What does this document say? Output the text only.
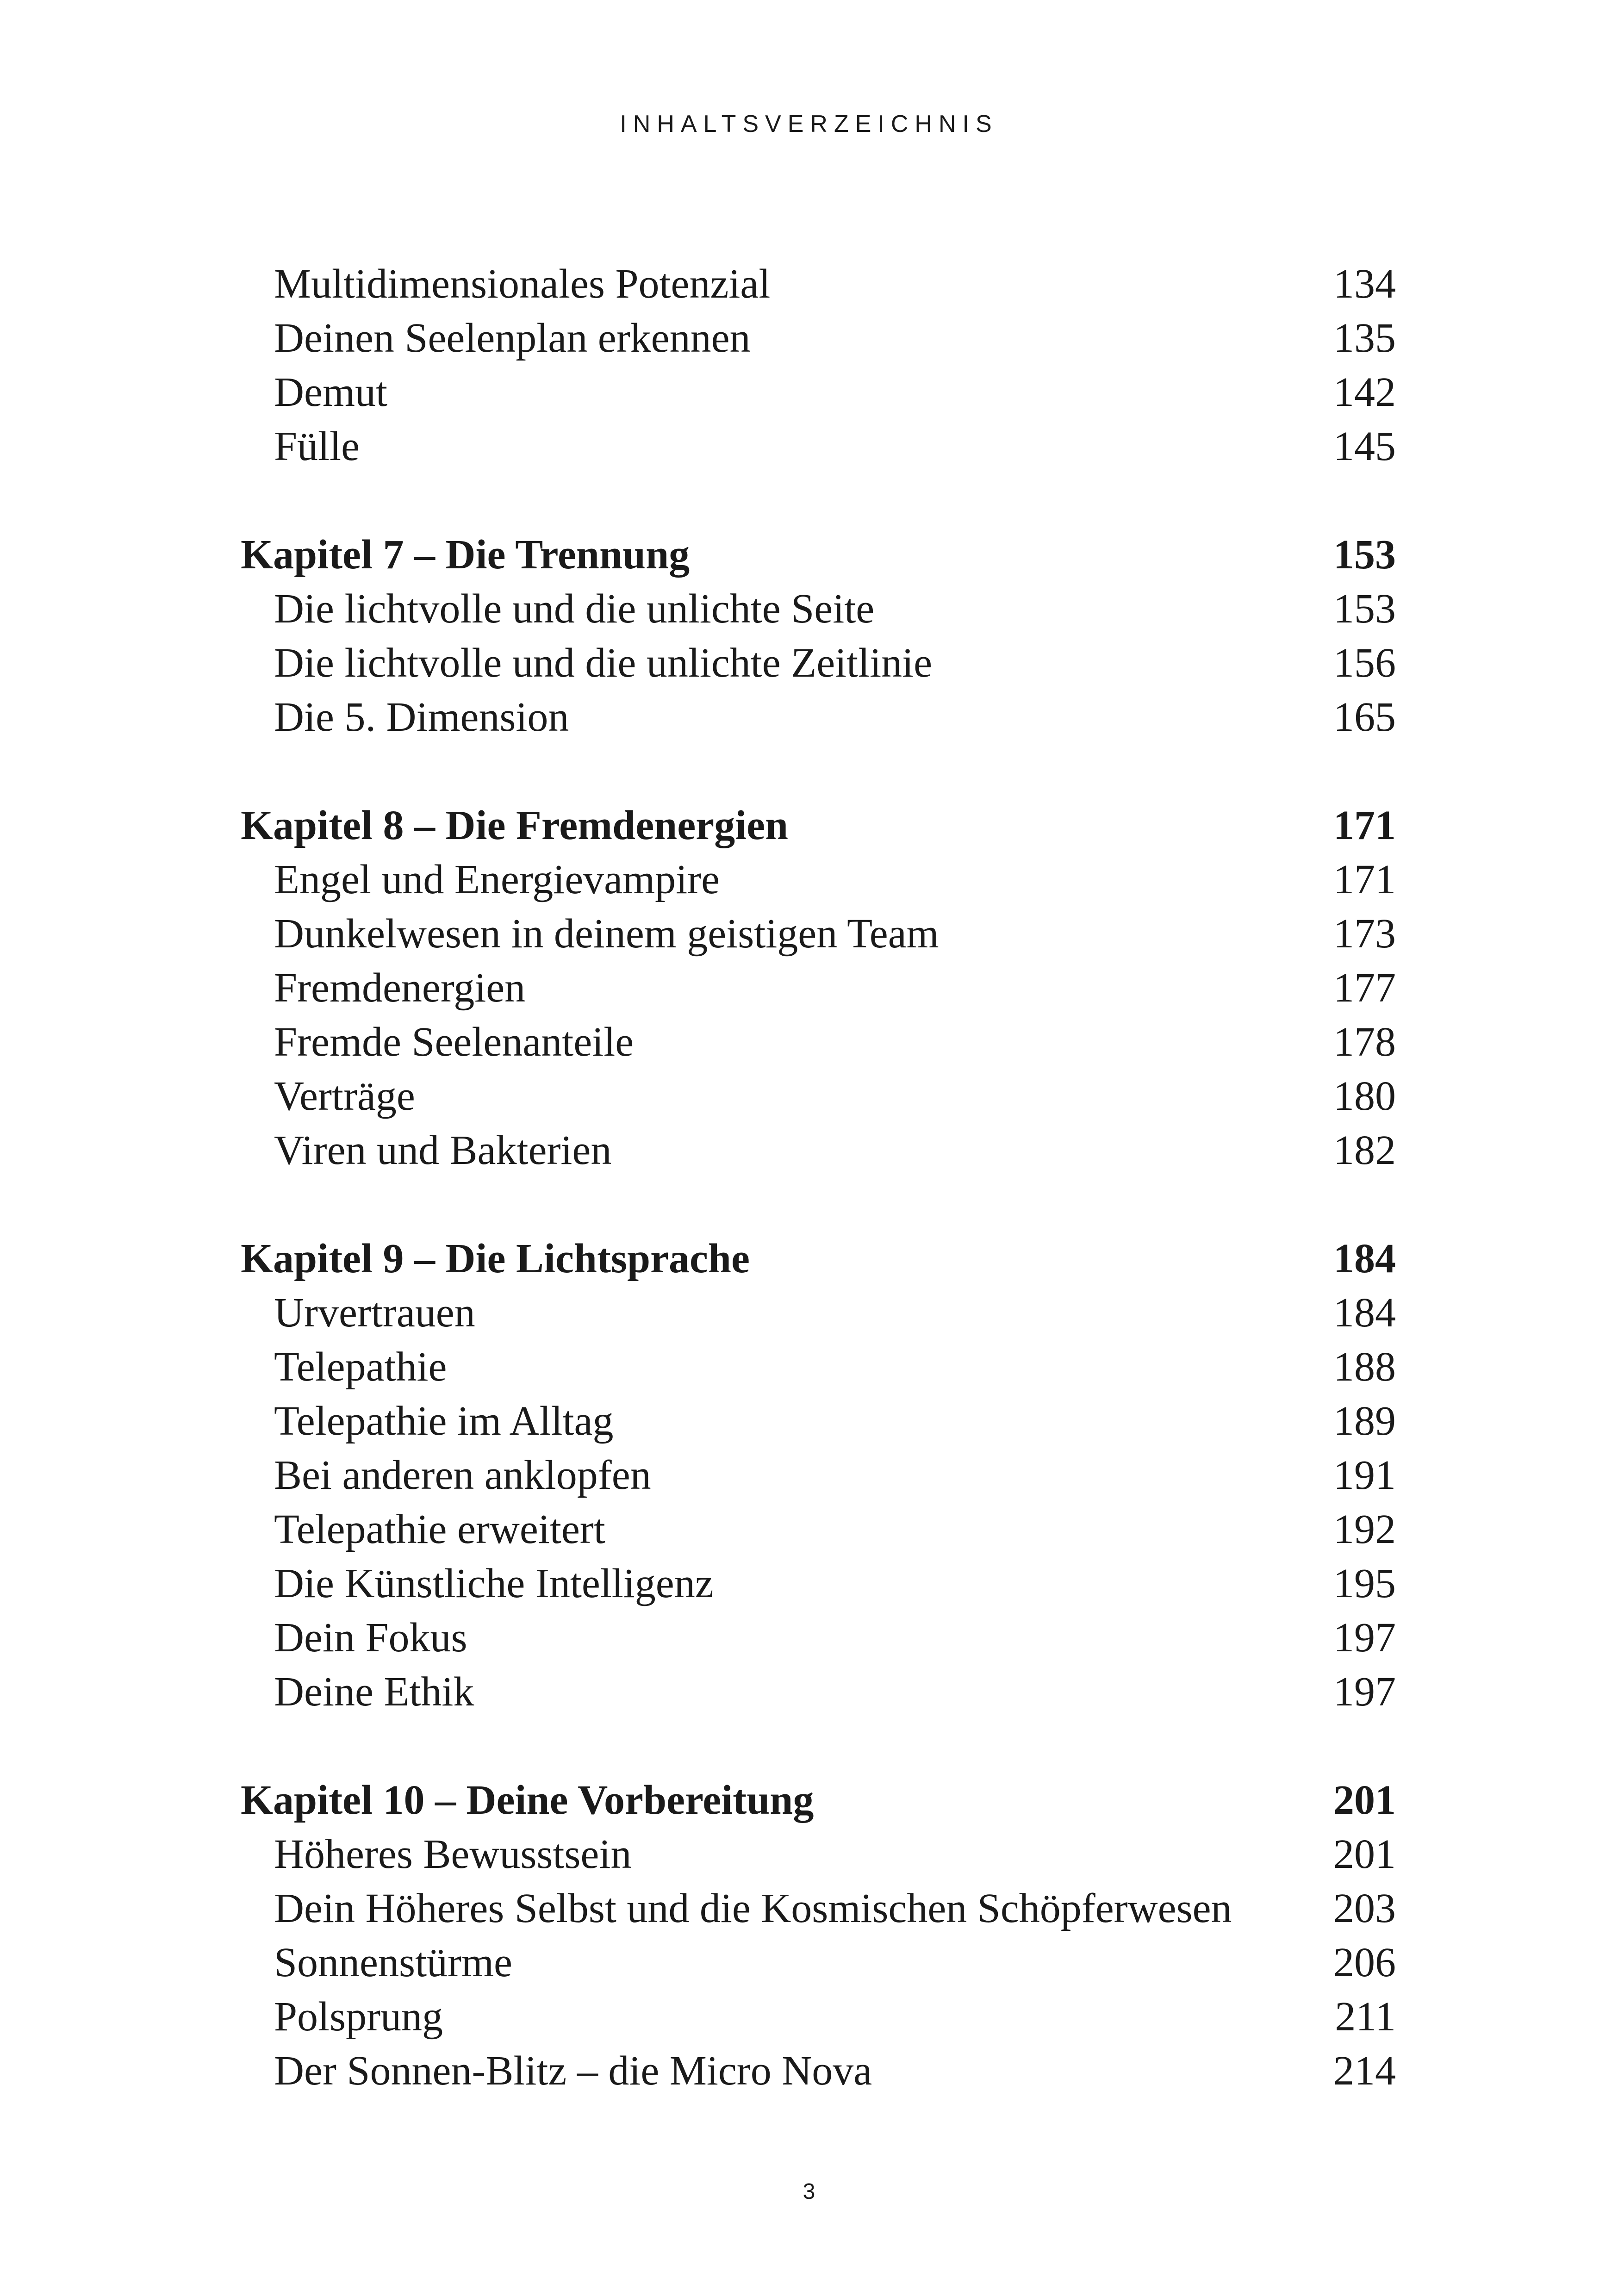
INHALTSVERZEICHNIS
Multidimensionales Potenzial	134
Deinen Seelenplan erkennen	135
Demut	142
Fülle	145
Kapitel 7 – Die Trennung	153
Die lichtvolle und die unlichte Seite	153
Die lichtvolle und die unlichte Zeitlinie	156
Die 5. Dimension	165
Kapitel 8 – Die Fremdenergien	171
Engel und Energievampire	171
Dunkelwesen in deinem geistigen Team	173
Fremdenergien	177
Fremde Seelenanteile	178
Verträge	180
Viren und Bakterien	182
Kapitel 9 – Die Lichtsprache	184
Urvertrauen	184
Telepathie	188
Telepathie im Alltag	189
Bei anderen anklopfen	191
Telepathie erweitert	192
Die Künstliche Intelligenz	195
Dein Fokus	197
Deine Ethik	197
Kapitel 10 – Deine Vorbereitung	201
Höheres Bewusstsein	201
Dein Höheres Selbst und die Kosmischen Schöpferwesen 203
Sonnenstürme	206
Polsprung	211
Der Sonnen-Blitz – die Micro Nova	214
3
